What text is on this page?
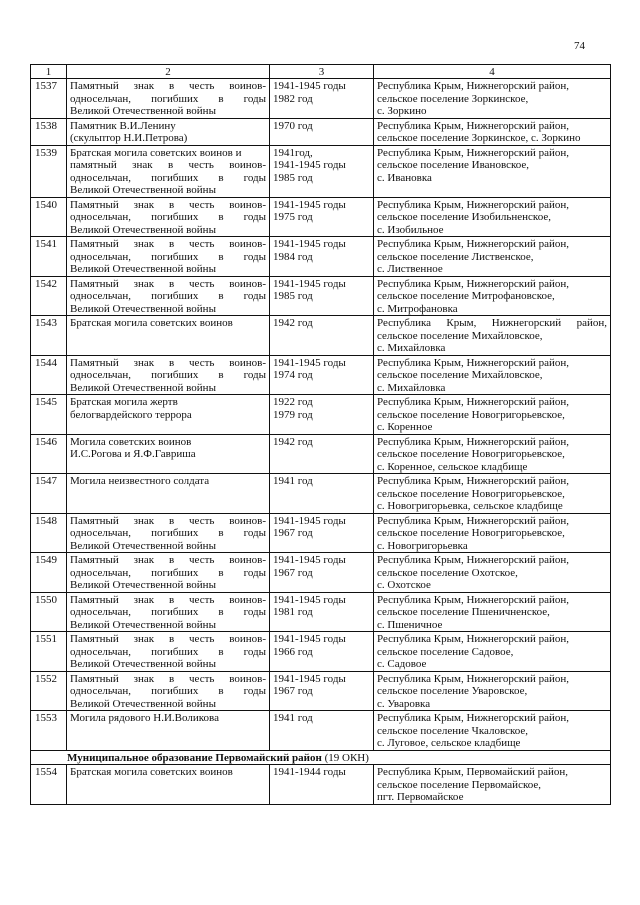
74
1	2	3	4
1537	Памятный знак в честь воинов-
односельчан, погибших в годы
Великой Отечественной войны	1941-1945 годы
1982 год	Республика Крым, Нижнегорский район,
сельское поселение Зоркинское,
с. Зоркино

1538	Памятник В.И.Ленину
(скульптор Н.И.Петрова)	1970 год	Республика Крым, Нижнегорский район,
сельское поселение Зоркинское, с. Зоркино

1539	Братская могила советских воинов и
памятный знак в честь воинов-
односельчан, погибших в годы
Великой Отечественной войны	1941год,
1941-1945 годы
1985 год	Республика Крым, Нижнегорский район,
сельское поселение Ивановское,
с. Ивановка

1540	Памятный знак в честь воинов-
односельчан, погибших в годы
Великой Отечественной войны	1941-1945 годы
1975 год	Республика Крым, Нижнегорский район,
сельское поселение Изобильненское,
с. Изобильное

1541	Памятный знак в честь воинов-
односельчан, погибших в годы
Великой Отечественной войны	1941-1945 годы
1984 год	Республика Крым, Нижнегорский район,
сельское поселение Лиственское,
с. Лиственное

1542	Памятный знак в честь воинов-
односельчан, погибших в годы
Великой Отечественной войны	1941-1945 годы
1985 год	Республика Крым, Нижнегорский район,
сельское поселение Митрофановское,
с. Митрофановка

1543	Братская могила советских воинов	1942 год	Республика Крым, Нижнегорский район,
сельское поселение Михайловское,
с. Михайловка

1544	Памятный знак в честь воинов-
односельчан, погибших в годы
Великой Отечественной войны	1941-1945 годы
1974 год	Республика Крым, Нижнегорский район,
сельское поселение Михайловское,
с. Михайловка

1545	Братская могила жертв
белогвардейского террора	1922 год
1979 год	Республика Крым, Нижнегорский район,
сельское поселение Новогригорьевское,
с. Коренное

1546	Могила советских воинов
И.С.Рогова и Я.Ф.Гавриша	1942 год	Республика Крым, Нижнегорский район,
сельское поселение Новогригорьевское,
с. Коренное, сельское кладбище

1547	Могила неизвестного солдата	1941 год	Республика Крым, Нижнегорский район,
сельское поселение Новогригорьевское,
с. Новогригорьевка, сельское кладбище

1548	Памятный знак в честь воинов-
односельчан, погибших в годы
Великой Отечественной войны	1941-1945 годы
1967 год	Республика Крым, Нижнегорский район,
сельское поселение Новогригорьевское,
с. Новогригорьевка

1549	Памятный знак в честь воинов-
односельчан, погибших в годы
Великой Отечественной войны	1941-1945 годы
1967 год	Республика Крым, Нижнегорский район,
сельское поселение Охотское,
с. Охотское

1550	Памятный знак в честь воинов-
односельчан, погибших в годы
Великой Отечественной войны	1941-1945 годы
1981 год	Республика Крым, Нижнегорский район,
сельское поселение Пшеничненское,
с. Пшеничное

1551	Памятный знак в честь воинов-
односельчан, погибших в годы
Великой Отечественной войны	1941-1945 годы
1966 год	Республика Крым, Нижнегорский район,
сельское поселение Садовое,
с. Садовое

1552	Памятный знак в честь воинов-
односельчан, погибших в годы
Великой Отечественной войны	1941-1945 годы
1967 год	Республика Крым, Нижнегорский район,
сельское поселение Уваровское,
с. Уваровка

1553	Могила рядового Н.И.Воликова	1941 год	Республика Крым, Нижнегорский район,
сельское поселение Чкаловское,
с. Луговое, сельское кладбище

Муниципальное образование Первомайский район (19 ОКН)			
1554	Братская могила советских воинов	1941-1944 годы	Республика Крым, Первомайский район,
сельское поселение Первомайское,
пгт. Первомайское
